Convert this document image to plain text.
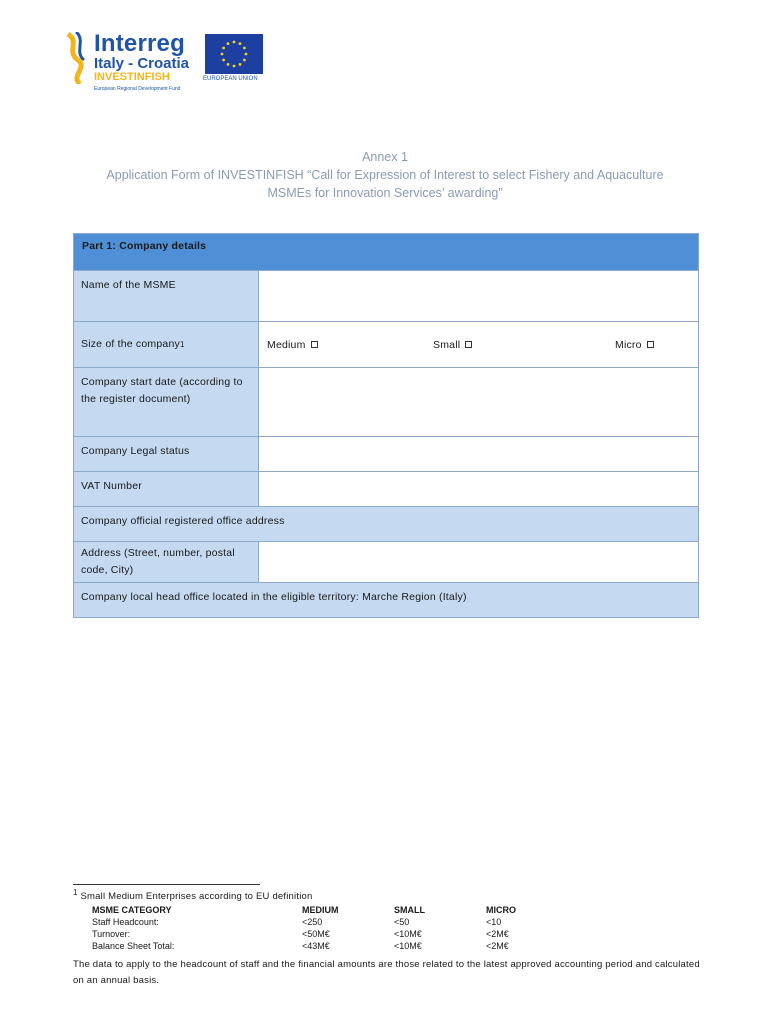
Interreg
Italy - Croatia
INVESTINFISH
European Regional Development Fund
EUROPEAN UNION
Annex 1
Application Form of INVESTINFISH “Call for Expression of Interest to select Fishery and Aquaculture
MSMEs for Innovation Services’ awarding”
Part 1: Company details
Name of the MSME
Size of the company 1	Medium	Small	Micro
Company start date (according to the register document)
Company Legal status
VAT Number
Company official registered office address
Address (Street, number, postal code, City)
Company local head office located in the eligible territory: Marche Region (Italy)
$^1$ Small Medium Enterprises according to EU definition
MSME CATEGORY	MEDIUM	SMALL	MICRO
Staff Headcount:	<250	<50	<10
Turnover:	<50M€	<10M€	<2M€
Balance Sheet Total:	<43M€	<10M€	<2M€
The data to apply to the headcount of staff and the financial amounts are those related to the latest approved accounting period and calculated on an annual basis.
